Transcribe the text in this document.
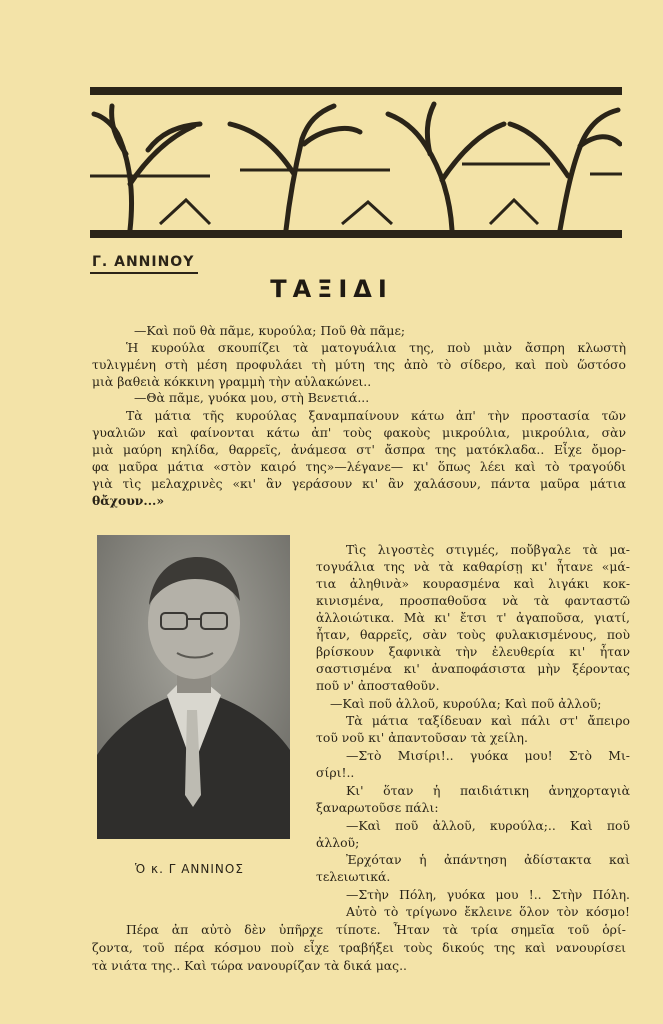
Γ. ΑΝΝΙΝΟΥ
ΤΑΞΙΔΙ
—Καὶ ποῦ θὰ πᾶμε, κυρούλα; Ποῦ θὰ πᾶμε;
Ἡ κυρούλα σκουπίζει τὰ ματογυάλια της, ποὺ μιὰν ἄσπρη κλωστὴ
τυλιγμένη στὴ μέση προφυλάει τὴ μύτη της ἀπὸ τὸ σίδερο, καὶ ποὺ ὥστόσο
μιὰ βαθειὰ κόκκινη γραμμὴ τὴν αὐλακώνει..
—Θὰ πᾶμε, γυόκα μου, στὴ Βενετιά...
Τὰ μάτια τῆς κυρούλας ξαναμπαίνουν κάτω ἀπ' τὴν προστασία τῶν
γυαλιῶν καὶ φαίνονται κάτω ἀπ' τοὺς φακοὺς μικρούλια, μικρούλια, σὰν
μιὰ μαύρη κηλίδα, θαρρεῖς, ἀνάμεσα στ' ἄσπρα της ματόκλαδα.. Εἶχε ὄμορ-
φα μαῦρα μάτια «στὸν καιρό της»—λέγανε— κι' ὅπως λέει καὶ τὸ τραγούδι
γιὰ τὶς μελαχρινὲς «κι' ἂν γεράσουν κι' ἂν χαλάσουν, πάντα μαῦρα μάτια
θἄχουν...»
Τὶς λιγοστὲς στιγμές, ποὔβγαλε τὰ μα-
τογυάλια της νὰ τὰ καθαρίσῃ κι' ἦτανε «μά-
τια ἀληθινὰ» κουρασμένα καὶ λιγάκι κοκ-
κινισμένα, προσπαθοῦσα νὰ τὰ φανταστῶ
ἀλλοιώτικα. Μὰ κι' ἔτσι τ' ἀγαποῦσα, γιατί,
ἦταν, θαρρεῖς, σὰν τοὺς φυλακισμένους, ποὺ
βρίσκουν ξαφνικὰ τὴν ἐλευθερία κι' ἦταν
σαστισμένα κι' ἀναποφάσιστα μὴν ξέροντας
ποῦ ν' ἀποσταθοῦν.
—Καὶ ποῦ ἀλλοῦ, κυρούλα; Καὶ ποῦ ἀλλοῦ;
Τὰ μάτια ταξίδευαν καὶ πάλι στ' ἄπειρο
τοῦ νοῦ κι' ἀπαντοῦσαν τὰ χείλη.
—Στὸ Μισίρι!.. γυόκα μου! Στὸ Μι-
σίρι!..
Κι' ὅταν ἡ παιδιάτικη ἀνηχορταγιὰ
ξαναρωτοῦσε πάλι:
—Καὶ ποῦ ἀλλοῦ, κυρούλα;.. Καὶ ποῦ
ἀλλοῦ;
Ἐρχόταν ἡ ἀπάντηση ἀδίστακτα καὶ
τελειωτικά.
—Στὴν Πόλη, γυόκα μου !.. Στὴν Πόλη.
Αὐτὸ τὸ τρίγωνο ἔκλεινε ὅλον τὸν κόσμο!
Ὁ κ. Γ ΑΝΝΙΝΟΣ
Πέρα ἀπ αὐτὸ δὲν ὑπῆρχε τίποτε. Ἦταν τὰ τρία σημεῖα τοῦ ὁρί-
ζοντα, τοῦ πέρα κόσμου ποὺ εἶχε τραβήξει τοὺς δικούς της καὶ νανουρίσει
τὰ νιάτα της.. Καὶ τώρα νανουρίζαν τὰ δικά μας..
